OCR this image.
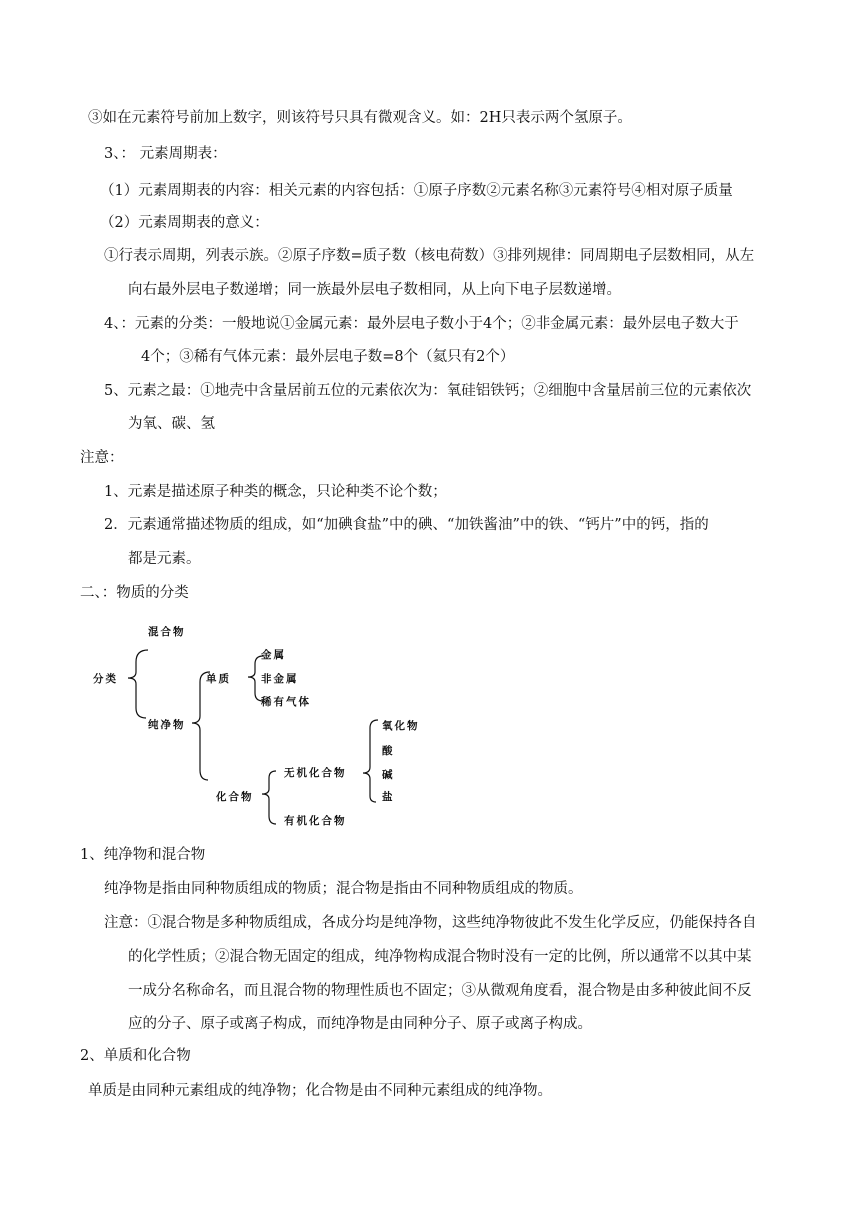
③如在元素符号前加上数字，则该符号只具有微观含义。如：2H只表示两个氢原子。
3、： 元素周期表：
（1）元素周期表的内容：相关元素的内容包括：①原子序数②元素名称③元素符号④相对原子质量
（2）元素周期表的意义：
①行表示周期，列表示族。②原子序数=质子数（核电荷数）③排列规律：同周期电子层数相同，从左
向右最外层电子数递增；同一族最外层电子数相同，从上向下电子层数递增。
4、：元素的分类：一般地说①金属元素：最外层电子数小于4个；②非金属元素：最外层电子数大于
4个；③稀有气体元素：最外层电子数=8个（氦只有2个）
5、元素之最：①地壳中含量居前五位的元素依次为：氧硅铝铁钙；②细胞中含量居前三位的元素依次
为氧、碳、氢
注意：
1、元素是描述原子种类的概念，只论种类不论个数；
2．元素通常描述物质的组成，如“加碘食盐”中的碘、“加铁酱油”中的铁、“钙片”中的钙，指的
都是元素。
二、：物质的分类
分类
混合物
纯净物
单质
金属
非金属
稀有气体
化合物
无机化合物
有机化合物
氧化物
酸
碱
盐
1、纯净物和混合物
纯净物是指由同种物质组成的物质；混合物是指由不同种物质组成的物质。
注意：①混合物是多种物质组成，各成分均是纯净物，这些纯净物彼此不发生化学反应，仍能保持各自
的化学性质；②混合物无固定的组成，纯净物构成混合物时没有一定的比例，所以通常不以其中某
一成分名称命名，而且混合物的物理性质也不固定；③从微观角度看，混合物是由多种彼此间不反
应的分子、原子或离子构成，而纯净物是由同种分子、原子或离子构成。
2、单质和化合物
单质是由同种元素组成的纯净物；化合物是由不同种元素组成的纯净物。
